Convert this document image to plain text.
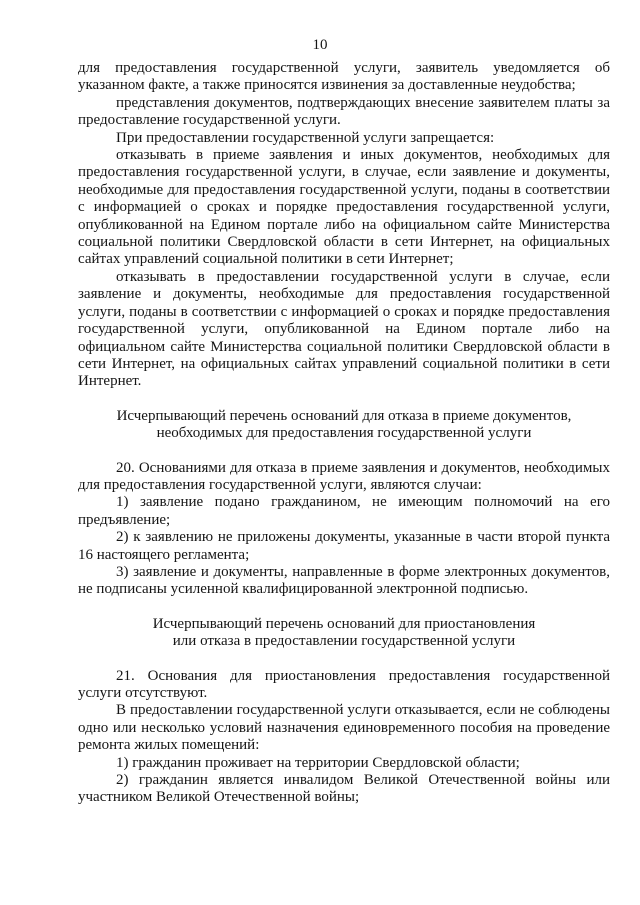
10

для предоставления государственной услуги, заявитель уведомляется об указанном факте, а также приносятся извинения за доставленные неудобства;

представления документов, подтверждающих внесение заявителем платы за предоставление государственной услуги.

При предоставлении государственной услуги запрещается:

отказывать в приеме заявления и иных документов, необходимых для предоставления государственной услуги, в случае, если заявление и документы, необходимые для предоставления государственной услуги, поданы в соответствии с информацией о сроках и порядке предоставления государственной услуги, опубликованной на Едином портале либо на официальном сайте Министерства социальной политики Свердловской области в сети Интернет, на официальных сайтах управлений социальной политики в сети Интернет;

отказывать в предоставлении государственной услуги в случае, если заявление и документы, необходимые для предоставления государственной услуги, поданы в соответствии с информацией о сроках и порядке предоставления государственной услуги, опубликованной на Едином портале либо на официальном сайте Министерства социальной политики Свердловской области в сети Интернет, на официальных сайтах управлений социальной политики в сети Интернет.

Исчерпывающий перечень оснований для отказа в приеме документов,
необходимых для предоставления государственной услуги

20. Основаниями для отказа в приеме заявления и документов, необходимых для предоставления государственной услуги, являются случаи:

1) заявление подано гражданином, не имеющим полномочий на его предъявление;

2) к заявлению не приложены документы, указанные в части второй пункта 16 настоящего регламента;

3) заявление и документы, направленные в форме электронных документов, не подписаны усиленной квалифицированной электронной подписью.

Исчерпывающий перечень оснований для приостановления
или отказа в предоставлении государственной услуги

21. Основания для приостановления предоставления государственной услуги отсутствуют.

В предоставлении государственной услуги отказывается, если не соблюдены одно или несколько условий назначения единовременного пособия на проведение ремонта жилых помещений:

1) гражданин проживает на территории Свердловской области;

2) гражданин является инвалидом Великой Отечественной войны или участником Великой Отечественной войны;
